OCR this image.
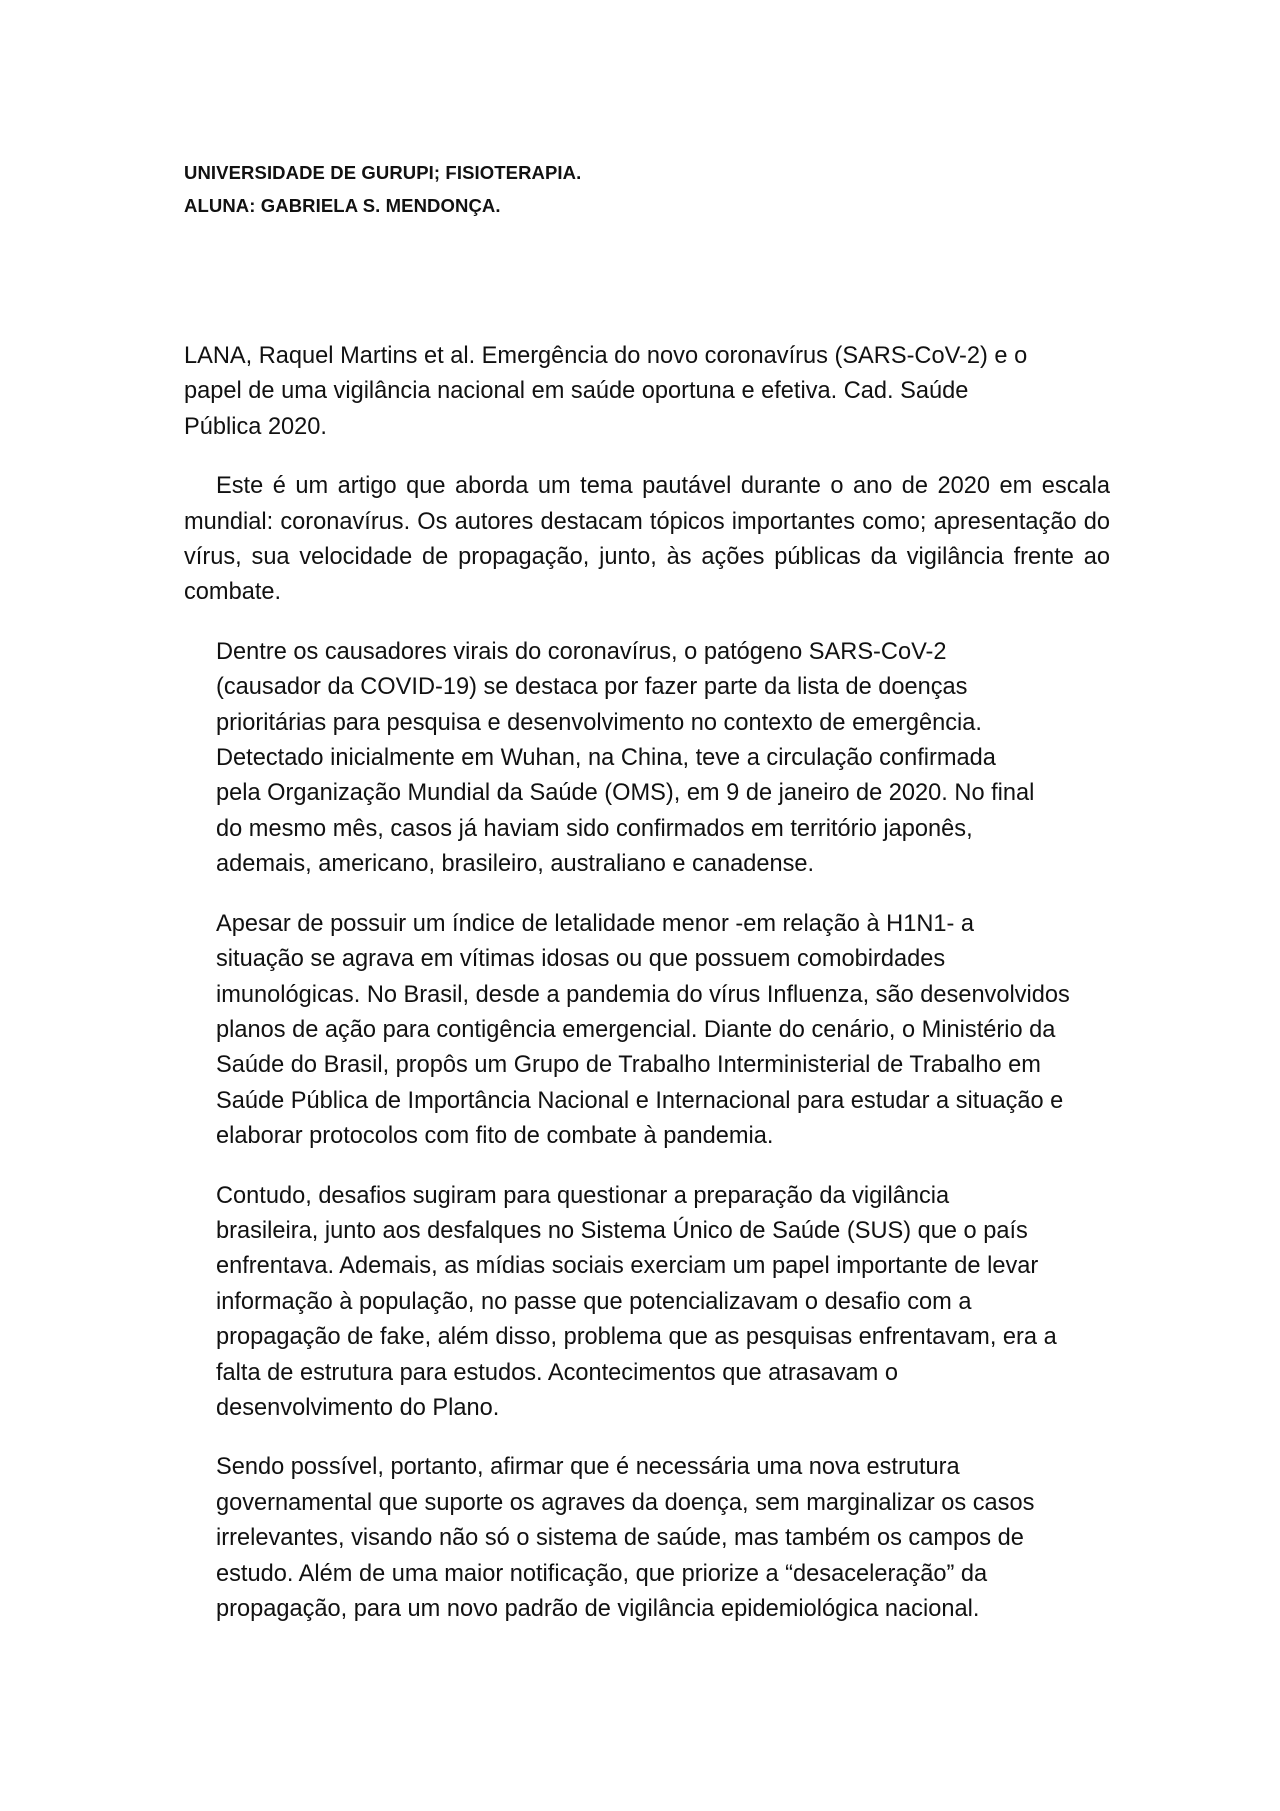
UNIVERSIDADE DE GURUPI; FISIOTERAPIA.

ALUNA: GABRIELA S. MENDONÇA.

LANA, Raquel Martins et al. Emergência do novo coronavírus (SARS-CoV-2) e o
papel de uma vigilância nacional em saúde oportuna e efetiva. Cad. Saúde
Pública 2020.

Este é um artigo que aborda um tema pautável durante o ano de 2020 em escala mundial: coronavírus. Os autores destacam tópicos importantes como; apresentação do vírus, sua velocidade de propagação, junto, às ações públicas da vigilância frente ao combate.

Dentre os causadores virais do coronavírus, o patógeno SARS-CoV-2
(causador da COVID-19) se destaca por fazer parte da lista de doenças
prioritárias para pesquisa e desenvolvimento no contexto de emergência.
Detectado inicialmente em Wuhan, na China, teve a circulação confirmada
pela Organização Mundial da Saúde (OMS), em 9 de janeiro de 2020. No final
do mesmo mês, casos já haviam sido confirmados em território japonês,
ademais, americano, brasileiro, australiano e canadense.

Apesar de possuir um índice de letalidade menor -em relação à H1N1- a
situação se agrava em vítimas idosas ou que possuem comobirdades
imunológicas. No Brasil, desde a pandemia do vírus Influenza, são desenvolvidos
planos de ação para contigência emergencial. Diante do cenário, o Ministério da
Saúde do Brasil, propôs um Grupo de Trabalho Interministerial de Trabalho em
Saúde Pública de Importância Nacional e Internacional para estudar a situação e
elaborar protocolos com fito de combate à pandemia.

Contudo, desafios sugiram para questionar a preparação da vigilância
brasileira, junto aos desfalques no Sistema Único de Saúde (SUS) que o país
enfrentava. Ademais, as mídias sociais exerciam um papel importante de levar
informação à população, no passe que potencializavam o desafio com a
propagação de fake, além disso, problema que as pesquisas enfrentavam, era a
falta de estrutura para estudos. Acontecimentos que atrasavam o
desenvolvimento do Plano.

Sendo possível, portanto, afirmar que é necessária uma nova estrutura
governamental que suporte os agraves da doença, sem marginalizar os casos
irrelevantes, visando não só o sistema de saúde, mas também os campos de
estudo. Além de uma maior notificação, que priorize a “desaceleração” da
propagação, para um novo padrão de vigilância epidemiológica nacional.
